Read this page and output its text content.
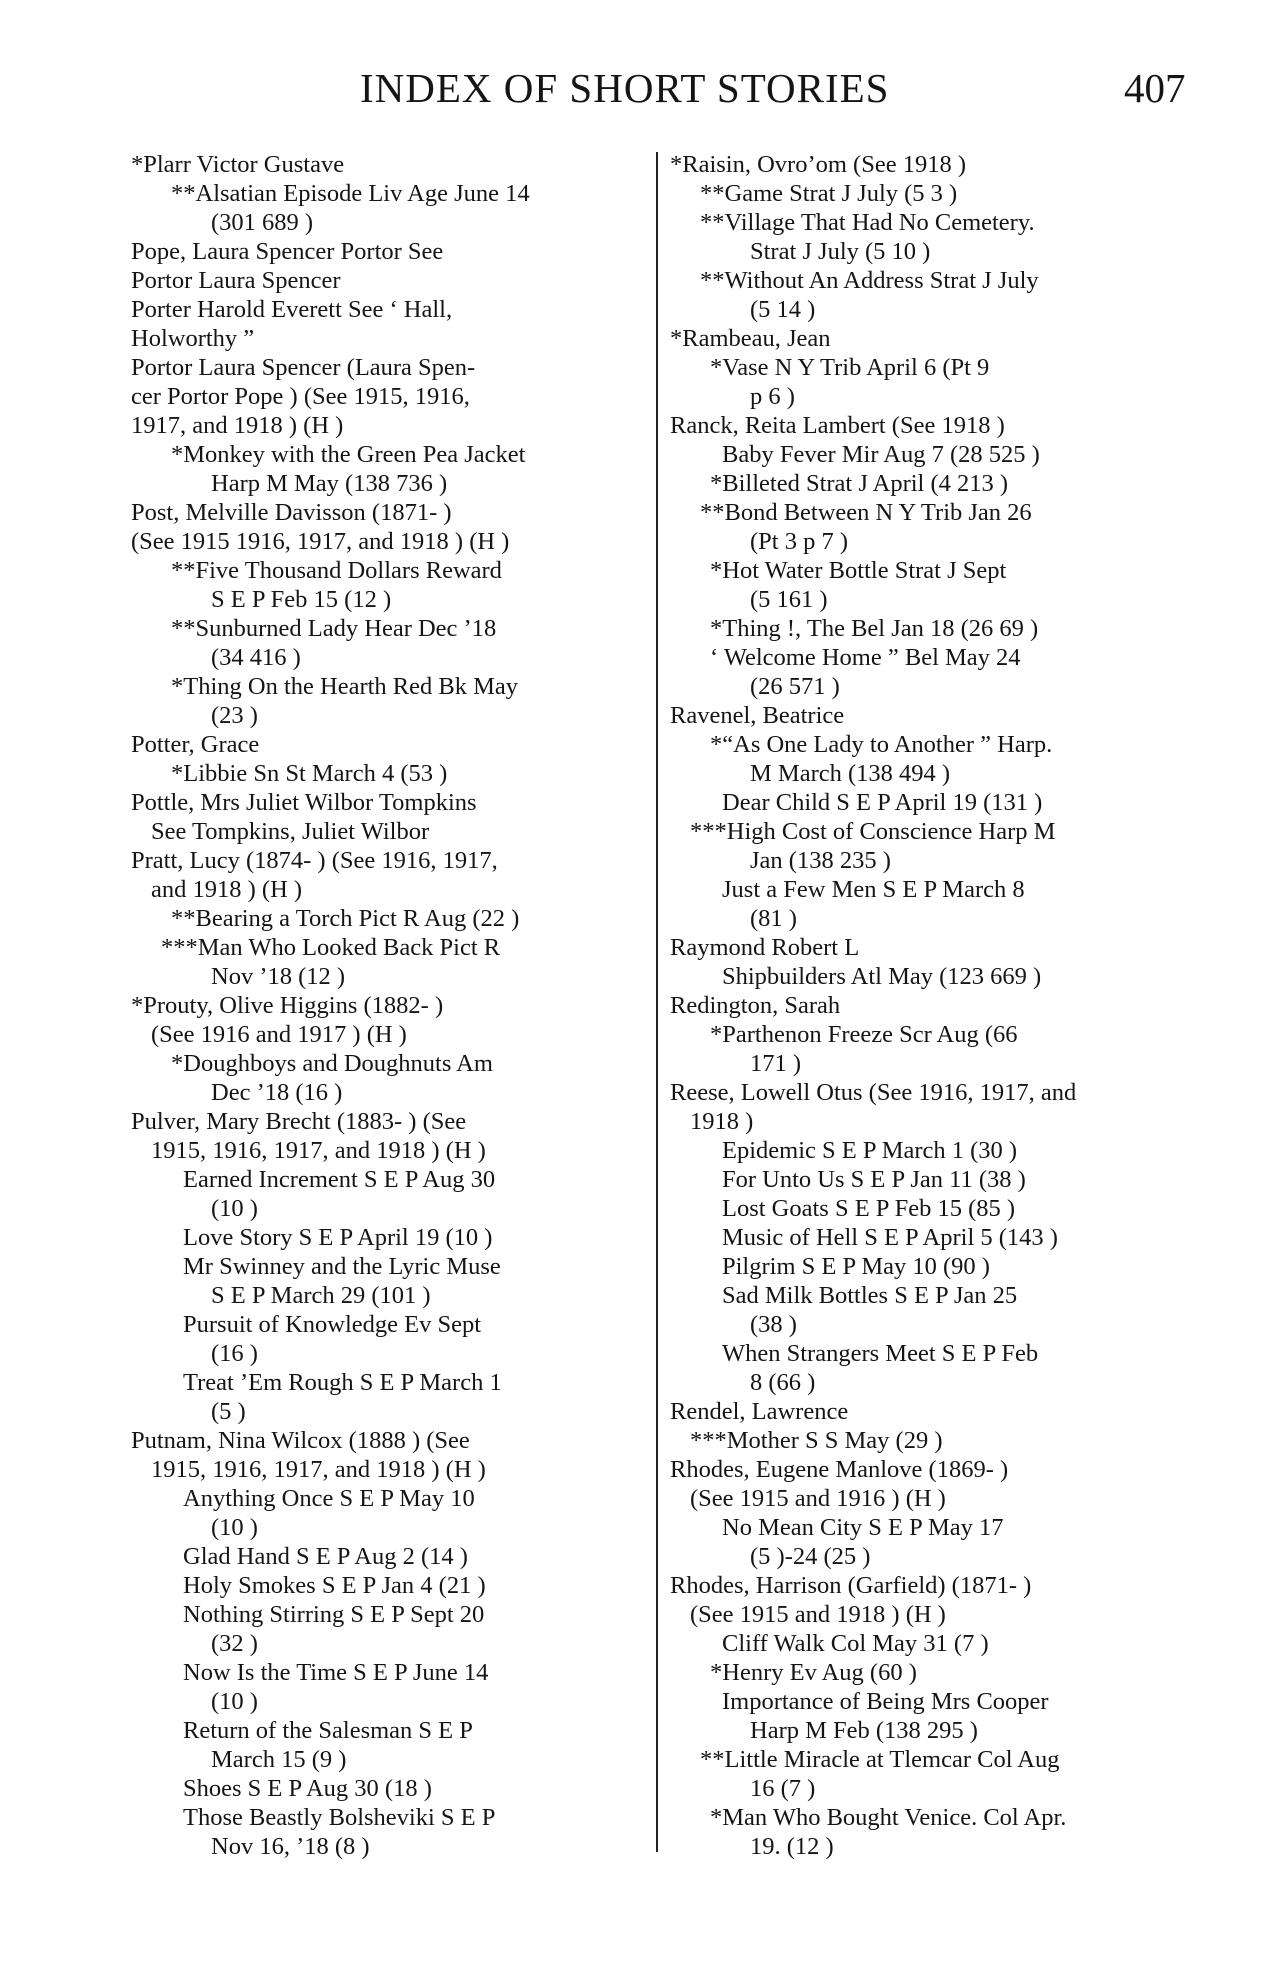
INDEX OF SHORT STORIES	407
*Plarr Victor Gustave
**Alsatian Episode Liv Age June 14
(301 689 )
Pope, Laura Spencer Portor See
Portor Laura Spencer
Porter Harold Everett See ‘ Hall,
Holworthy ”
Portor Laura Spencer (Laura Spen-
cer Portor Pope ) (See 1915, 1916,
1917, and 1918 ) (H )
*Monkey with the Green Pea Jacket
Harp M May (138 736 )
Post, Melville Davisson (1871- )
(See 1915 1916, 1917, and 1918 ) (H )
**Five Thousand Dollars Reward
S E P Feb 15 (12 )
**Sunburned Lady Hear Dec ’18
(34 416 )
*Thing On the Hearth Red Bk May
(23 )
Potter, Grace
*Libbie Sn St March 4 (53 )
Pottle, Mrs Juliet Wilbor Tompkins
See Tompkins, Juliet Wilbor
Pratt, Lucy (1874- ) (See 1916, 1917,
and 1918 ) (H )
**Bearing a Torch Pict R Aug (22 )
***Man Who Looked Back Pict R
Nov ’18 (12 )
*Prouty, Olive Higgins (1882- )
(See 1916 and 1917 ) (H )
*Doughboys and Doughnuts Am
Dec ’18 (16 )
Pulver, Mary Brecht (1883- ) (See
1915, 1916, 1917, and 1918 ) (H )
Earned Increment S E P Aug 30
(10 )
Love Story S E P April 19 (10 )
Mr Swinney and the Lyric Muse
S E P March 29 (101 )
Pursuit of Knowledge Ev Sept
(16 )
Treat ’Em Rough S E P March 1
(5 )
Putnam, Nina Wilcox (1888 ) (See
1915, 1916, 1917, and 1918 ) (H )
Anything Once S E P May 10
(10 )
Glad Hand S E P Aug 2 (14 )
Holy Smokes S E P Jan 4 (21 )
Nothing Stirring S E P Sept 20
(32 )
Now Is the Time S E P June 14
(10 )
Return of the Salesman S E P
March 15 (9 )
Shoes S E P Aug 30 (18 )
Those Beastly Bolsheviki S E P
Nov 16, ’18 (8 )
*Raisin, Ovro’om (See 1918 )
**Game Strat J July (5 3 )
**Village That Had No Cemetery.
Strat J July (5 10 )
**Without An Address Strat J July
(5 14 )
*Rambeau, Jean
*Vase N Y Trib April 6 (Pt 9
p 6 )
Ranck, Reita Lambert (See 1918 )
Baby Fever Mir Aug 7 (28 525 )
*Billeted Strat J April (4 213 )
**Bond Between N Y Trib Jan 26
(Pt 3 p 7 )
*Hot Water Bottle Strat J Sept
(5 161 )
*Thing !, The Bel Jan 18 (26 69 )
‘ Welcome Home ” Bel May 24
(26 571 )
Ravenel, Beatrice
*“As One Lady to Another ” Harp.
M March (138 494 )
Dear Child S E P April 19 (131 )
***High Cost of Conscience Harp M
Jan (138 235 )
Just a Few Men S E P March 8
(81 )
Raymond Robert L
Shipbuilders Atl May (123 669 )
Redington, Sarah
*Parthenon Freeze Scr Aug (66
171 )
Reese, Lowell Otus (See 1916, 1917, and
1918 )
Epidemic S E P March 1 (30 )
For Unto Us S E P Jan 11 (38 )
Lost Goats S E P Feb 15 (85 )
Music of Hell S E P April 5 (143 )
Pilgrim S E P May 10 (90 )
Sad Milk Bottles S E P Jan 25
(38 )
When Strangers Meet S E P Feb
8 (66 )
Rendel, Lawrence
***Mother S S May (29 )
Rhodes, Eugene Manlove (1869- )
(See 1915 and 1916 ) (H )
No Mean City S E P May 17
(5 )-24 (25 )
Rhodes, Harrison (Garfield) (1871- )
(See 1915 and 1918 ) (H )
Cliff Walk Col May 31 (7 )
*Henry Ev Aug (60 )
Importance of Being Mrs Cooper
Harp M Feb (138 295 )
**Little Miracle at Tlemcar Col Aug
16 (7 )
*Man Who Bought Venice. Col Apr.
19. (12 )
